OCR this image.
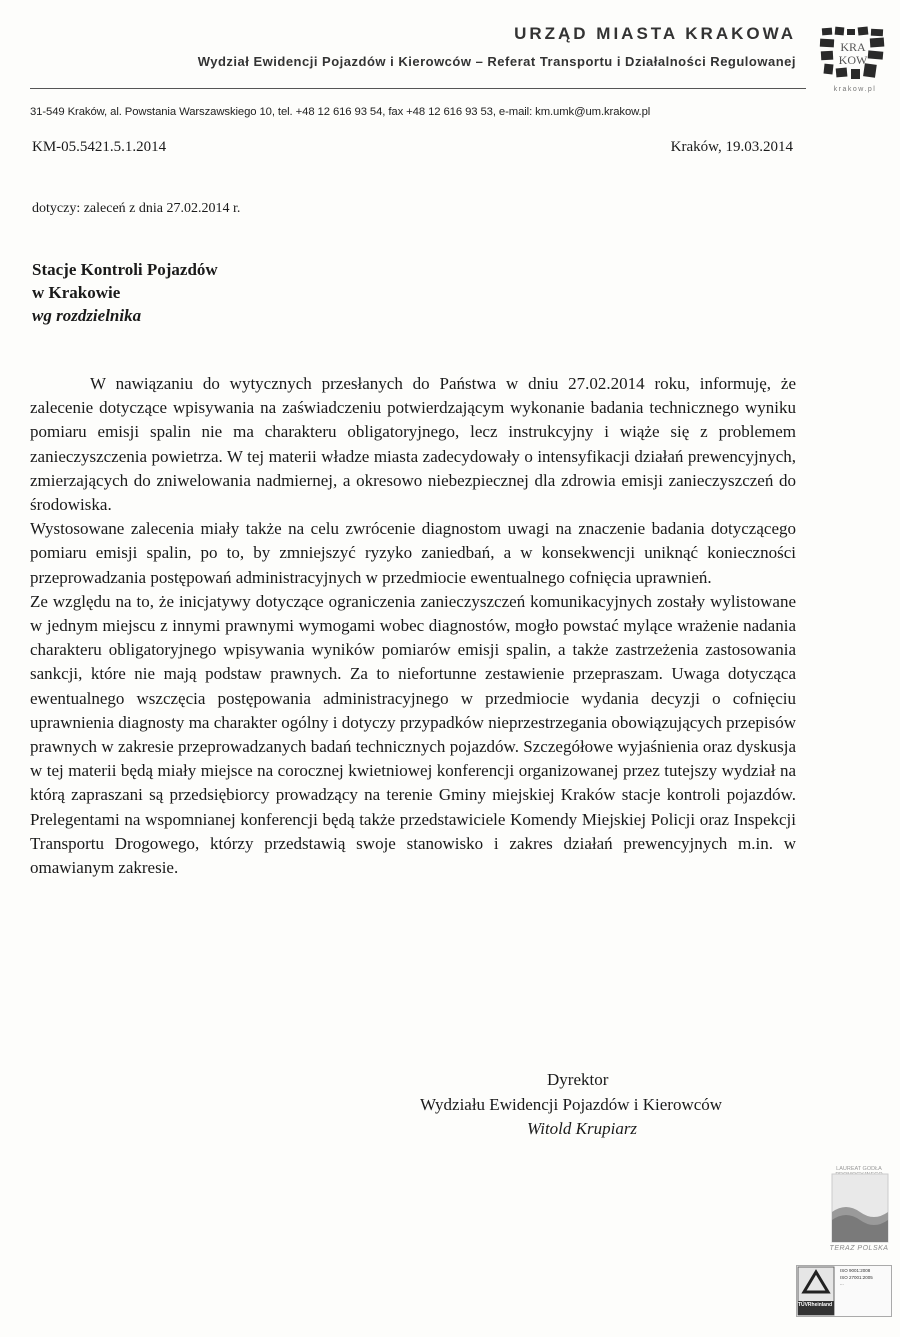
URZĄD MIASTA KRAKOWA
Wydział Ewidencji Pojazdów i Kierowców – Referat Transportu i Działalności Regulowanej
31-549 Kraków, al. Powstania Warszawskiego 10, tel. +48 12 616 93 54, fax +48 12 616 93 53, e-mail: km.umk@um.krakow.pl
KRA
KOW
krakow.pl
KM-05.5421.5.1.2014	Kraków, 19.03.2014
dotyczy: zaleceń z dnia 27.02.2014 r.
Stacje Kontroli Pojazdów
w Krakowie
wg rozdzielnika

W nawiązaniu do wytycznych przesłanych do Państwa w dniu 27.02.2014 roku, informuję, że zalecenie dotyczące wpisywania na zaświadczeniu potwierdzającym wykonanie badania technicznego wyniku pomiaru emisji spalin nie ma charakteru obligatoryjnego, lecz instrukcyjny i wiąże się z problemem zanieczyszczenia powietrza. W tej materii władze miasta zadecydowały o intensyfikacji działań prewencyjnych, zmierzających do zniwelowania nadmiernej, a okresowo niebezpiecznej dla zdrowia emisji zanieczyszczeń do środowiska.

Wystosowane zalecenia miały także na celu zwrócenie diagnostom uwagi na znaczenie badania dotyczącego pomiaru emisji spalin, po to, by zmniejszyć ryzyko zaniedbań, a w konsekwencji uniknąć konieczności przeprowadzania postępowań administracyjnych w przedmiocie ewentualnego cofnięcia uprawnień.

Ze względu na to, że inicjatywy dotyczące ograniczenia zanieczyszczeń komunikacyjnych zostały wylistowane w jednym miejscu z innymi prawnymi wymogami wobec diagnostów, mogło powstać mylące wrażenie nadania charakteru obligatoryjnego wpisywania wyników pomiarów emisji spalin, a także zastrzeżenia zastosowania sankcji, które nie mają podstaw prawnych. Za to niefortunne zestawienie przepraszam. Uwaga dotycząca ewentualnego wszczęcia postępowania administracyjnego w przedmiocie wydania decyzji o cofnięciu uprawnienia diagnosty ma charakter ogólny i dotyczy przypadków nieprzestrzegania obowiązujących przepisów prawnych w zakresie przeprowadzanych badań technicznych pojazdów. Szczegółowe wyjaśnienia oraz dyskusja w tej materii będą miały miejsce na corocznej kwietniowej konferencji organizowanej przez tutejszy wydział na którą zapraszani są przedsiębiorcy prowadzący na terenie Gminy miejskiej Kraków stacje kontroli pojazdów. Prelegentami na wspomnianej konferencji będą także przedstawiciele Komendy Miejskiej Policji oraz Inspekcji Transportu Drogowego, którzy przedstawią swoje stanowisko i zakres działań prewencyjnych m.in. w omawianym zakresie.

Dyrektor
Wydziału Ewidencji Pojazdów i Kierowców
Witold Krupiarz
LAUREAT GODŁA
TERAZ POLSKA
TÜVRheinland
ISO 9001:2008
ISO 27001:2005
...
